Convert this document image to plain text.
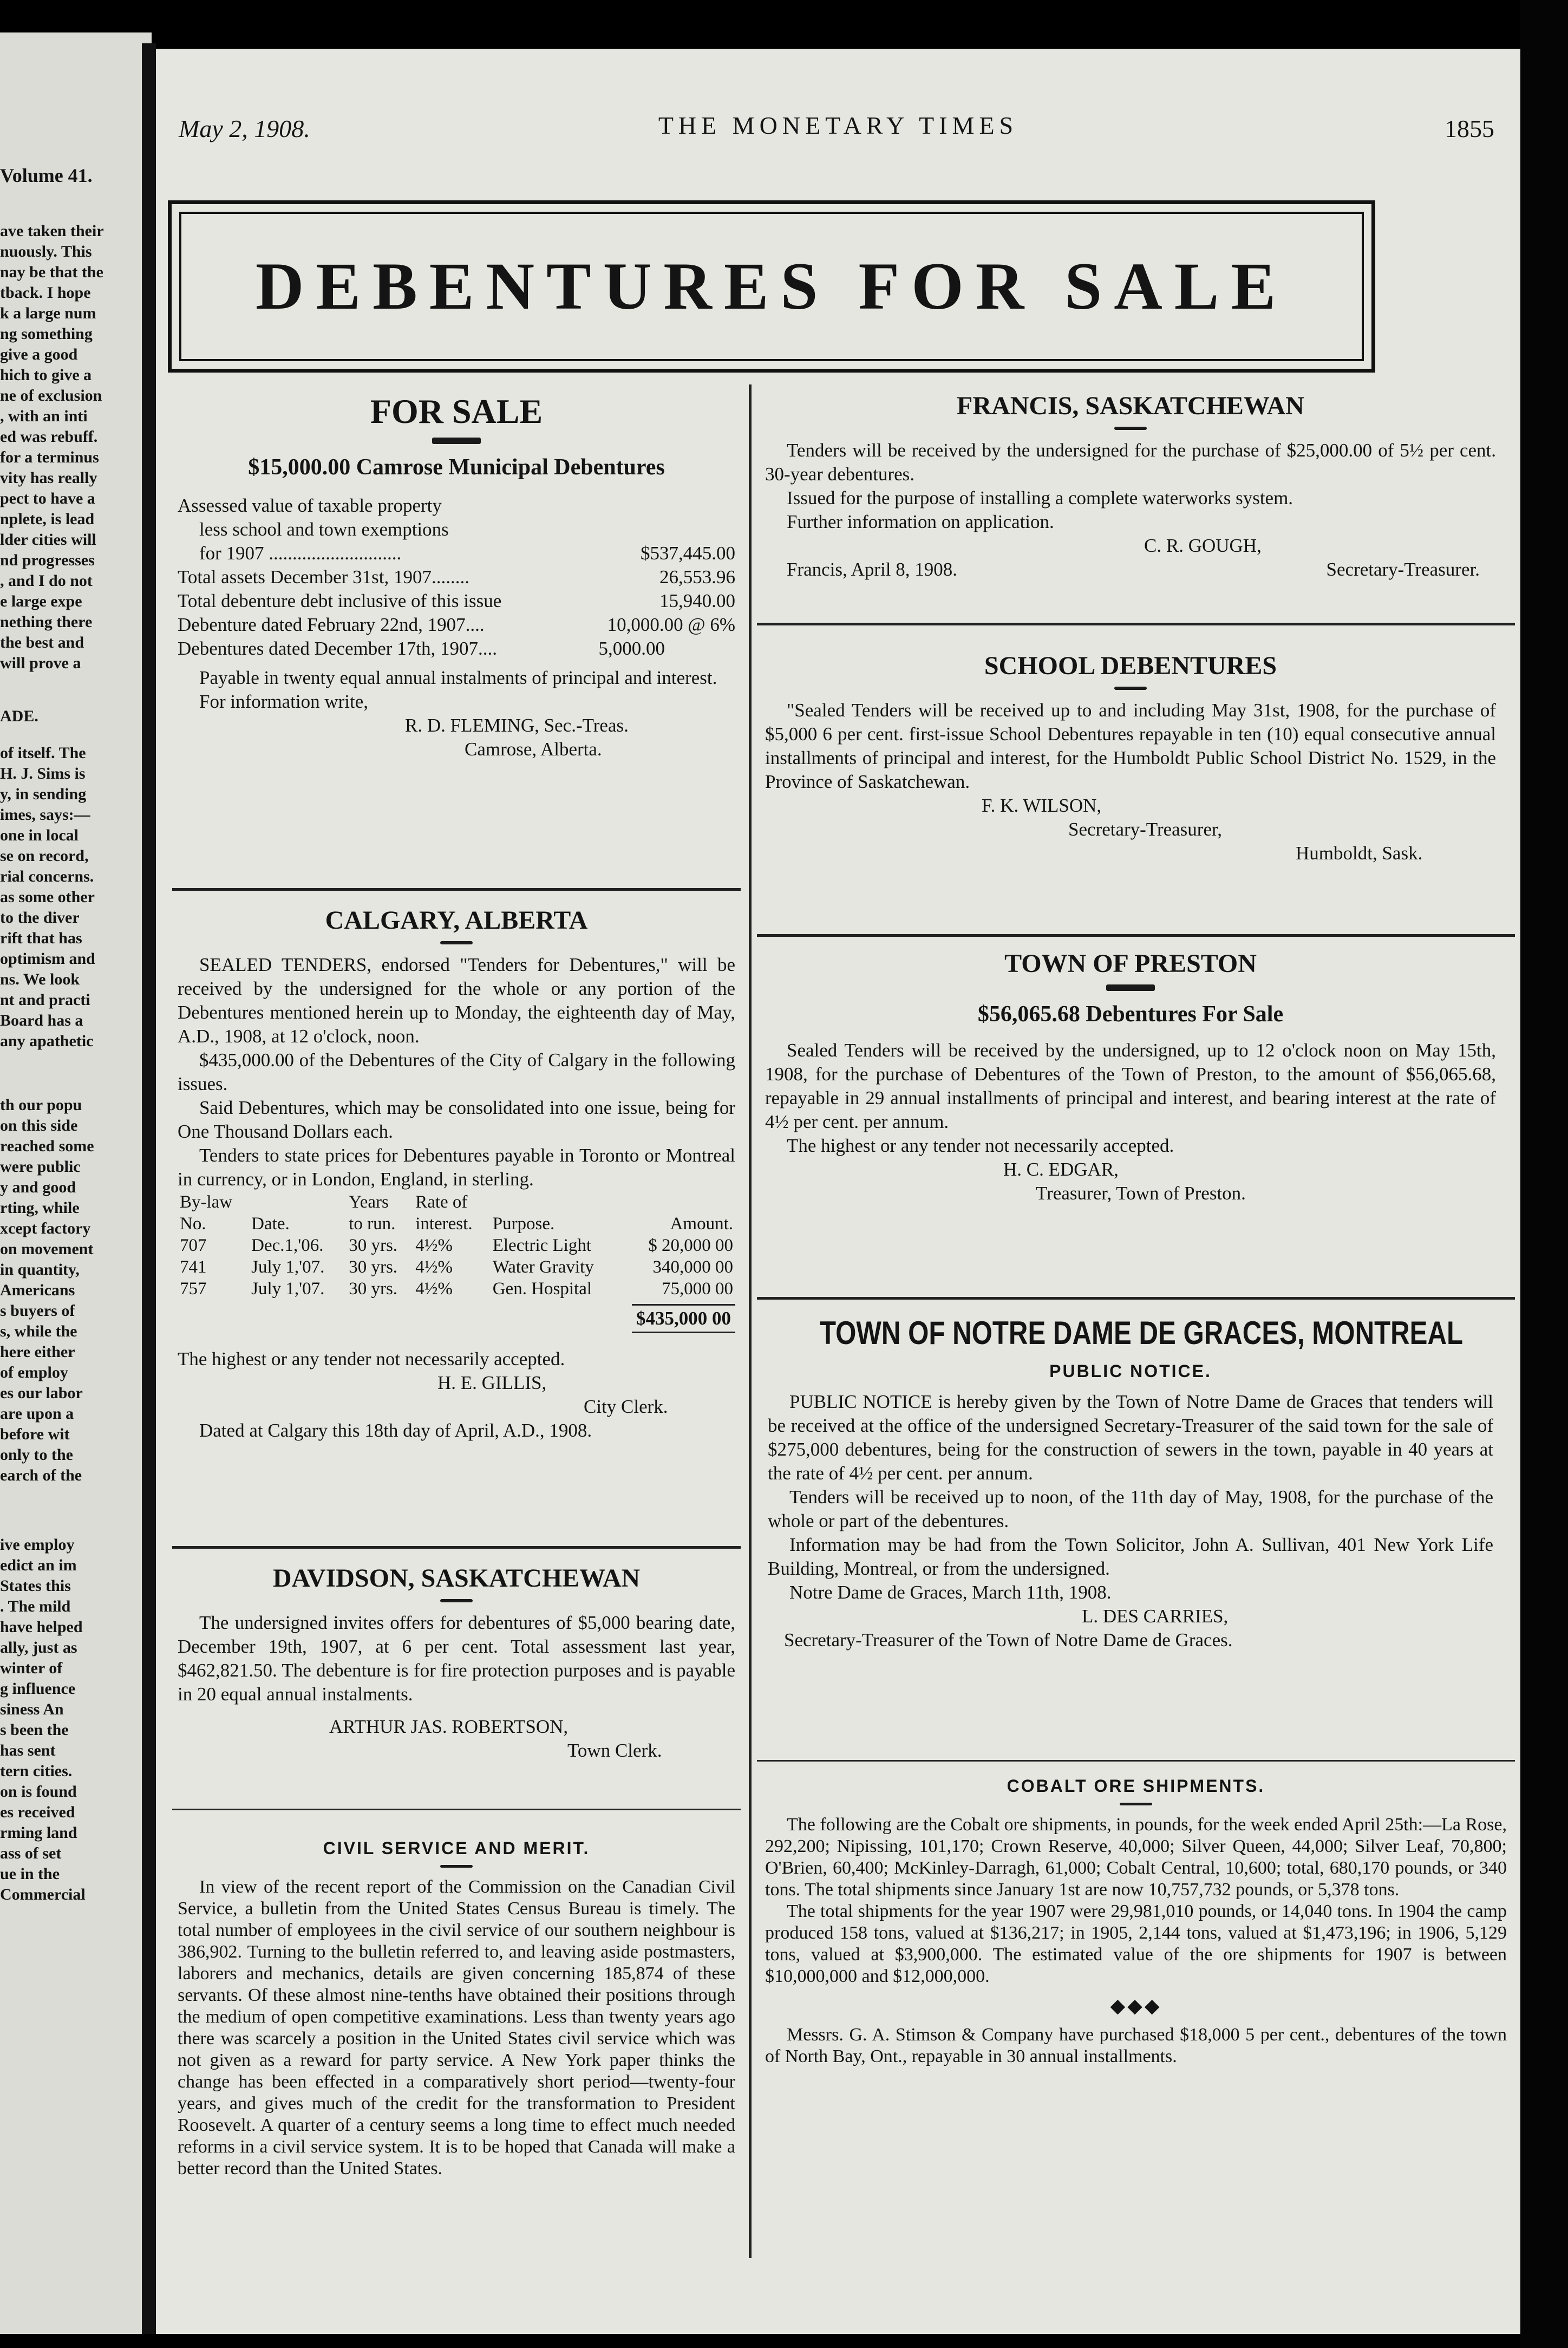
Volume 41.
ave taken their
nuously. This
nay be that the
tback. I hope
k a large num
ng something
give a good
hich to give a
ne of exclusion
, with an inti
ed was rebuff.
for a terminus
vity has really
pect to have a
nplete, is lead
lder cities will
nd progresses
, and I do not
e large expe
nething there
the best and
will prove a
ADE.
of itself. The
H. J. Sims is
y, in sending
imes, says:—
one in local
se on record,
rial concerns.
as some other
to the diver
rift that has
optimism and
ns. We look
nt and practi
Board has a
any apathetic
th our popu
on this side
reached some
were public
y and good
rting, while
xcept factory
on movement
in quantity,
Americans
s buyers of
s, while the
here either
of employ
es our labor
are upon a
before wit
only to the
earch of the
ive employ
edict an im
States this
. The mild
have helped
ally, just as
winter of
g influence
siness An
s been the
has sent
tern cities.
on is found
es received
rming land
ass of set
ue in the
Commercial
May 2, 1908.	THE MONETARY TIMES	1855
DEBENTURES FOR SALE
FOR SALE
$15,000.00 Camrose Municipal Debentures

Assessed value of taxable property

less school and town exemptions

for 1907 ............................	$537,445.00
Total assets December 31st, 1907........	26,553.96
Total debenture debt inclusive of this issue	15,940.00
Debenture dated February 22nd, 1907....	10,000.00 @ 6%
Debentures dated December 17th, 1907....	5,000.00

Payable in twenty equal annual instalments of principal and interest.

For information write,

R. D. FLEMING, Sec.-Treas.
Camrose, Alberta.
CALGARY, ALBERTA

SEALED TENDERS, endorsed "Tenders for Debentures," will be received by the undersigned for the whole or any portion of the Debentures mentioned herein up to Monday, the eighteenth day of May, A.D., 1908, at 12 o'clock, noon.

$435,000.00 of the Debentures of the City of Calgary in the following issues.

Said Debentures, which may be consolidated into one issue, being for One Thousand Dollars each.

Tenders to state prices for Debentures payable in Toronto or Montreal in currency, or in London, England, in sterling.

By-law		Years	Rate of		
No.	Date.	to run.	interest.	Purpose.	Amount.
707	Dec.1,'06.	30 yrs.	4½%	Electric Light	$ 20,000 00
741	July 1,'07.	30 yrs.	4½%	Water Gravity	340,000 00
757	July 1,'07.	30 yrs.	4½%	Gen. Hospital	75,000 00
$435,000 00

The highest or any tender not necessarily accepted.

H. E. GILLIS,
City Clerk.

Dated at Calgary this 18th day of April, A.D., 1908.

DAVIDSON, SASKATCHEWAN

The undersigned invites offers for debentures of $5,000 bearing date, December 19th, 1907, at 6 per cent. Total assessment last year, $462,821.50. The debenture is for fire protection purposes and is payable in 20 equal annual instalments.

ARTHUR JAS. ROBERTSON,
Town Clerk.
CIVIL SERVICE AND MERIT.

In view of the recent report of the Commission on the Canadian Civil Service, a bulletin from the United States Census Bureau is timely. The total number of employees in the civil service of our southern neighbour is 386,902. Turning to the bulletin referred to, and leaving aside postmasters, laborers and mechanics, details are given concerning 185,874 of these servants. Of these almost nine-tenths have obtained their positions through the medium of open competitive examinations. Less than twenty years ago there was scarcely a position in the United States civil service which was not given as a reward for party service. A New York paper thinks the change has been effected in a comparatively short period—twenty-four years, and gives much of the credit for the transformation to President Roosevelt. A quarter of a century seems a long time to effect much needed reforms in a civil service system. It is to be hoped that Canada will make a better record than the United States.

FRANCIS, SASKATCHEWAN

Tenders will be received by the undersigned for the purchase of $25,000.00 of 5½ per cent. 30-year debentures.

Issued for the purpose of installing a complete waterworks system.

Further information on application.

C. R. GOUGH,
Francis, April 8, 1908.	Secretary-Treasurer.
SCHOOL DEBENTURES

"Sealed Tenders will be received up to and including May 31st, 1908, for the purchase of $5,000 6 per cent. first-issue School Debentures repayable in ten (10) equal consecutive annual installments of principal and interest, for the Humboldt Public School District No. 1529, in the Province of Saskatchewan.

F. K. WILSON,
Secretary-Treasurer,
Humboldt, Sask.
TOWN OF PRESTON
$56,065.68 Debentures For Sale

Sealed Tenders will be received by the undersigned, up to 12 o'clock noon on May 15th, 1908, for the purchase of Debentures of the Town of Preston, to the amount of $56,065.68, repayable in 29 annual installments of principal and interest, and bearing interest at the rate of 4½ per cent. per annum.

The highest or any tender not necessarily accepted.

H. C. EDGAR,
Treasurer, Town of Preston.
TOWN OF NOTRE DAME DE GRACES, MONTREAL
PUBLIC NOTICE.

PUBLIC NOTICE is hereby given by the Town of Notre Dame de Graces that tenders will be received at the office of the undersigned Secretary-Treasurer of the said town for the sale of $275,000 debentures, being for the construction of sewers in the town, payable in 40 years at the rate of 4½ per cent. per annum.

Tenders will be received up to noon, of the 11th day of May, 1908, for the purchase of the whole or part of the debentures.

Information may be had from the Town Solicitor, John A. Sullivan, 401 New York Life Building, Montreal, or from the undersigned.

Notre Dame de Graces, March 11th, 1908.

L. DES CARRIES,
Secretary-Treasurer of the Town of Notre Dame de Graces.
COBALT ORE SHIPMENTS.

The following are the Cobalt ore shipments, in pounds, for the week ended April 25th:—La Rose, 292,200; Nipissing, 101,170; Crown Reserve, 40,000; Silver Queen, 44,000; Silver Leaf, 70,800; O'Brien, 60,400; McKinley-Darragh, 61,000; Cobalt Central, 10,600; total, 680,170 pounds, or 340 tons. The total shipments since January 1st are now 10,757,732 pounds, or 5,378 tons.

The total shipments for the year 1907 were 29,981,010 pounds, or 14,040 tons. In 1904 the camp produced 158 tons, valued at $136,217; in 1905, 2,144 tons, valued at $1,473,196; in 1906, 5,129 tons, valued at $3,900,000. The estimated value of the ore shipments for 1907 is between $10,000,000 and $12,000,000.

◆◆◆

Messrs. G. A. Stimson & Company have purchased $18,000 5 per cent., debentures of the town of North Bay, Ont., repayable in 30 annual installments.
